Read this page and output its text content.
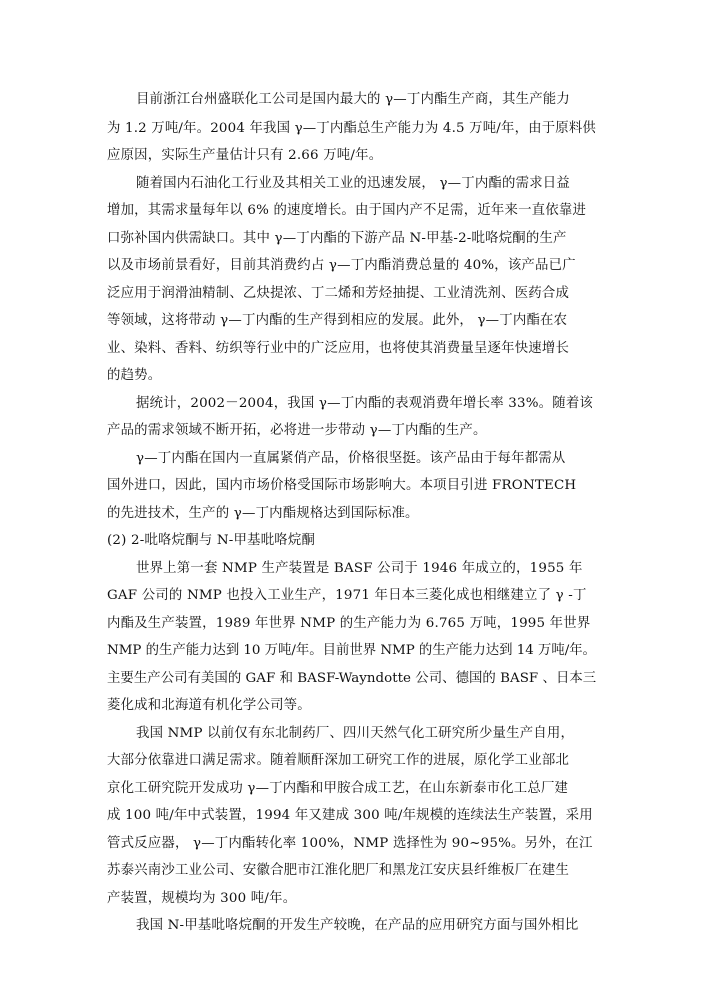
目前浙江台州盛联化工公司是国内最大的 γ—丁内酯生产商，其生产能力
为 1.2 万吨/年。2004 年我国 γ—丁内酯总生产能力为 4.5 万吨/年，由于原料供
应原因，实际生产量估计只有 2.66 万吨/年。
随着国内石油化工行业及其相关工业的迅速发展， γ—丁内酯的需求日益
增加，其需求量每年以 6% 的速度增长。由于国内产不足需，近年来一直依靠进
口弥补国内供需缺口。其中 γ—丁内酯的下游产品 N-甲基-2-吡咯烷酮的生产
以及市场前景看好，目前其消费约占 γ—丁内酯消费总量的 40%，该产品已广
泛应用于润滑油精制、乙炔提浓、丁二烯和芳烃抽提、工业清洗剂、医药合成
等领域，这将带动 γ—丁内酯的生产得到相应的发展。此外， γ—丁内酯在农
业、染料、香料、纺织等行业中的广泛应用，也将使其消费量呈逐年快速增长
的趋势。
据统计，2002－2004，我国 γ—丁内酯的表观消费年增长率 33%。随着该
产品的需求领域不断开拓，必将进一步带动 γ—丁内酯的生产。
γ—丁内酯在国内一直属紧俏产品，价格很坚挺。该产品由于每年都需从
国外进口，因此，国内市场价格受国际市场影响大。本项目引进 FRONTECH
的先进技术，生产的 γ—丁内酯规格达到国际标准。
(2) 2-吡咯烷酮与 N-甲基吡咯烷酮
世界上第一套 NMP 生产装置是 BASF 公司于 1946 年成立的，1955 年
GAF 公司的 NMP 也投入工业生产，1971 年日本三菱化成也相继建立了 γ -丁
内酯及生产装置，1989 年世界 NMP 的生产能力为 6.765 万吨，1995 年世界
NMP 的生产能力达到 10 万吨/年。目前世界 NMP 的生产能力达到 14 万吨/年。
主要生产公司有美国的 GAF 和 BASF-Wayndotte 公司、德国的 BASF 、日本三
菱化成和北海道有机化学公司等。
我国 NMP 以前仅有东北制药厂、四川天然气化工研究所少量生产自用，
大部分依靠进口满足需求。随着顺酐深加工研究工作的进展，原化学工业部北
京化工研究院开发成功 γ—丁内酯和甲胺合成工艺，在山东新泰市化工总厂建
成 100 吨/年中式装置，1994 年又建成 300 吨/年规模的连续法生产装置，采用
管式反应器， γ—丁内酯转化率 100%，NMP 选择性为 90~95%。另外，在江
苏泰兴南沙工业公司、安徽合肥市江淮化肥厂和黑龙江安庆县纤维板厂在建生
产装置，规模均为 300 吨/年。
我国 N-甲基吡咯烷酮的开发生产较晚，在产品的应用研究方面与国外相比
